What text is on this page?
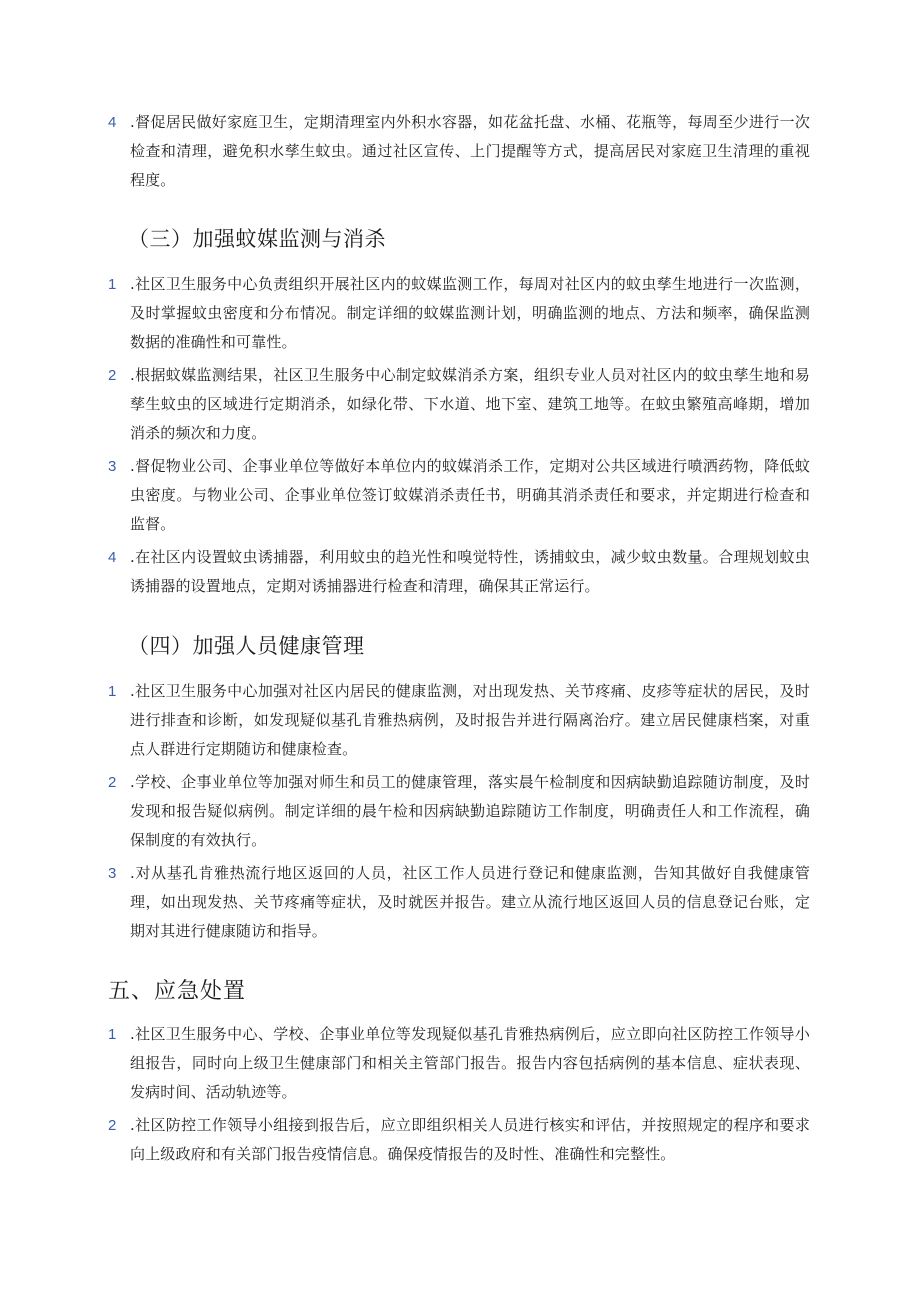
4 .督促居民做好家庭卫生，定期清理室内外积水容器，如花盆托盘、水桶、花瓶等，每周至少进行一次检查和清理，避免积水孳生蚊虫。通过社区宣传、上门提醒等方式，提高居民对家庭卫生清理的重视程度。
（三）加强蚊媒监测与消杀
1 .社区卫生服务中心负责组织开展社区内的蚊媒监测工作，每周对社区内的蚊虫孳生地进行一次监测，及时掌握蚊虫密度和分布情况。制定详细的蚊媒监测计划，明确监测的地点、方法和频率，确保监测数据的准确性和可靠性。
2 .根据蚊媒监测结果，社区卫生服务中心制定蚊媒消杀方案，组织专业人员对社区内的蚊虫孳生地和易孳生蚊虫的区域进行定期消杀，如绿化带、下水道、地下室、建筑工地等。在蚊虫繁殖高峰期，增加消杀的频次和力度。
3 .督促物业公司、企事业单位等做好本单位内的蚊媒消杀工作，定期对公共区域进行喷洒药物，降低蚊虫密度。与物业公司、企事业单位签订蚊媒消杀责任书，明确其消杀责任和要求，并定期进行检查和监督。
4 .在社区内设置蚊虫诱捕器，利用蚊虫的趋光性和嗅觉特性，诱捕蚊虫，减少蚊虫数量。合理规划蚊虫诱捕器的设置地点，定期对诱捕器进行检查和清理，确保其正常运行。
（四）加强人员健康管理
1 .社区卫生服务中心加强对社区内居民的健康监测，对出现发热、关节疼痛、皮疹等症状的居民，及时进行排查和诊断，如发现疑似基孔肯雅热病例，及时报告并进行隔离治疗。建立居民健康档案，对重点人群进行定期随访和健康检查。
2 .学校、企事业单位等加强对师生和员工的健康管理，落实晨午检制度和因病缺勤追踪随访制度，及时发现和报告疑似病例。制定详细的晨午检和因病缺勤追踪随访工作制度，明确责任人和工作流程，确保制度的有效执行。
3 .对从基孔肯雅热流行地区返回的人员，社区工作人员进行登记和健康监测，告知其做好自我健康管理，如出现发热、关节疼痛等症状，及时就医并报告。建立从流行地区返回人员的信息登记台账，定期对其进行健康随访和指导。
五、应急处置
1 .社区卫生服务中心、学校、企事业单位等发现疑似基孔肯雅热病例后，应立即向社区防控工作领导小组报告，同时向上级卫生健康部门和相关主管部门报告。报告内容包括病例的基本信息、症状表现、发病时间、活动轨迹等。
2 .社区防控工作领导小组接到报告后，应立即组织相关人员进行核实和评估，并按照规定的程序和要求向上级政府和有关部门报告疫情信息。确保疫情报告的及时性、准确性和完整性。
